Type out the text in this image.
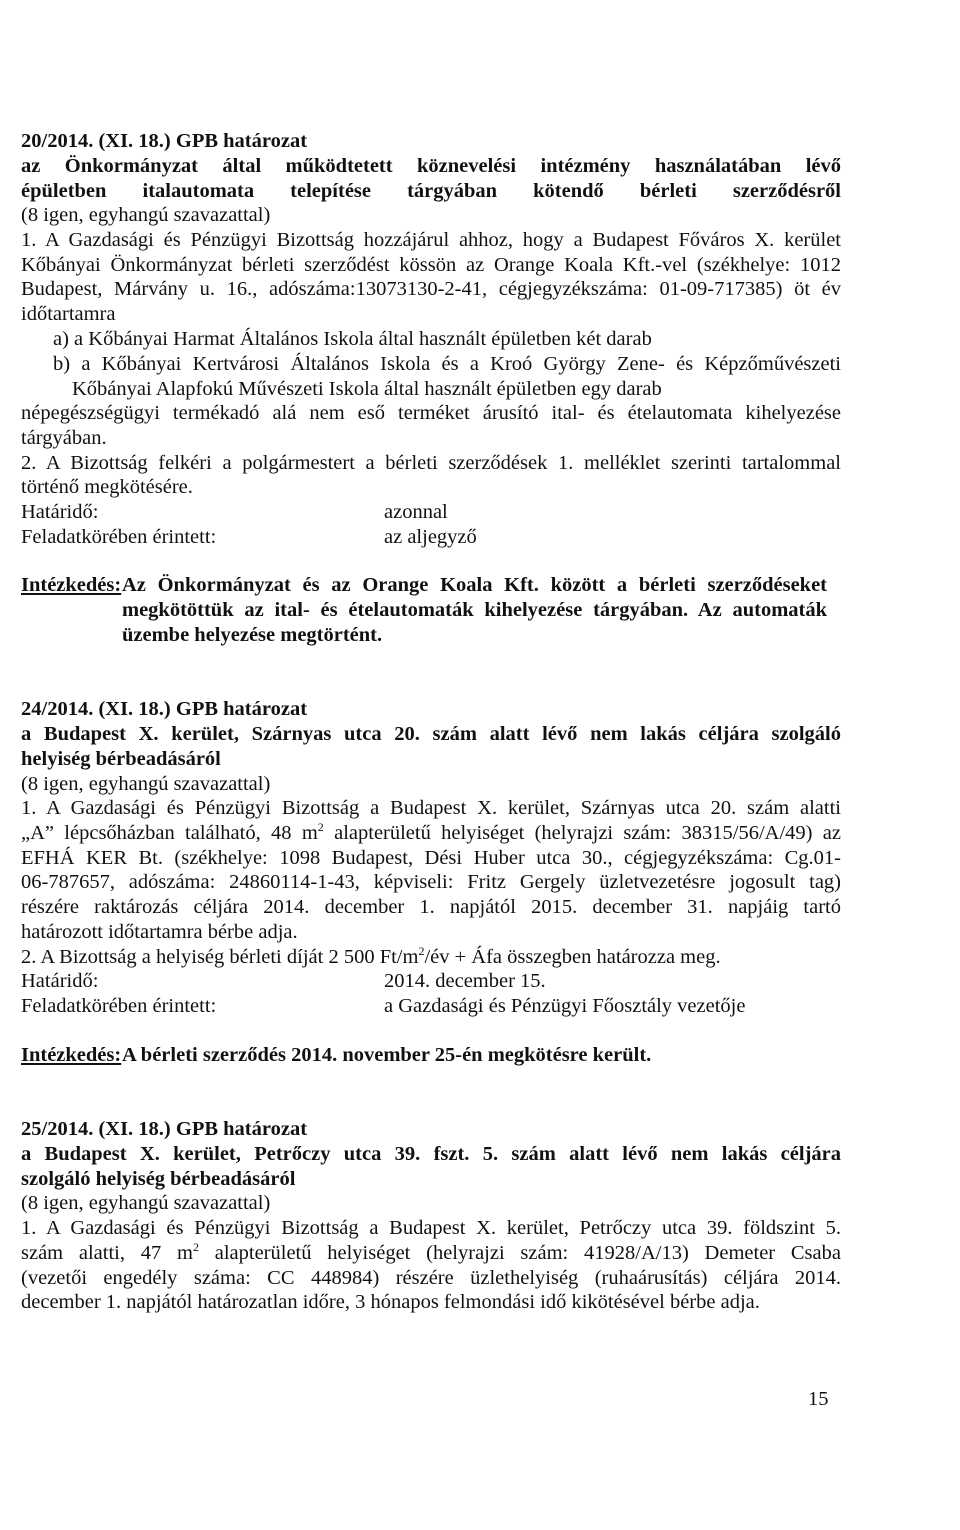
20/2014. (XI. 18.) GPB határozat
az Önkormányzat által működtetett köznevelési intézmény használatában lévő
épületben italautomata telepítése tárgyában kötendő bérleti szerződésről
(8 igen, egyhangú szavazattal)
1. A Gazdasági és Pénzügyi Bizottság hozzájárul ahhoz, hogy a Budapest Főváros X. kerület
Kőbányai Önkormányzat bérleti szerződést kössön az Orange Koala Kft.-vel (székhelye: 1012
Budapest, Márvány u. 16., adószáma:13073130-2-41, cégjegyzékszáma: 01-09-717385) öt év
időtartamra
a) a Kőbányai Harmat Általános Iskola által használt épületben két darab
b) a Kőbányai Kertvárosi Általános Iskola és a Kroó György Zene- és Képzőművészeti
Kőbányai Alapfokú Művészeti Iskola által használt épületben egy darab
népegészségügyi termékadó alá nem eső terméket árusító ital- és ételautomata kihelyezése
tárgyában.
2. A Bizottság felkéri a polgármestert a bérleti szerződések 1. melléklet szerinti tartalommal
történő megkötésére.
Határidő:	azonnal
Feladatkörében érintett:	az aljegyző
Intézkedés: Az Önkormányzat és az Orange Koala Kft. között a bérleti szerződéseket
megkötöttük az ital- és ételautomaták kihelyezése tárgyában. Az automaták
üzembe helyezése megtörtént.
24/2014. (XI. 18.) GPB határozat
a Budapest X. kerület, Szárnyas utca 20. szám alatt lévő nem lakás céljára szolgáló
helyiség bérbeadásáról
(8 igen, egyhangú szavazattal)
1. A Gazdasági és Pénzügyi Bizottság a Budapest X. kerület, Szárnyas utca 20. szám alatti
„A” lépcsőházban található, 48 $m^2$ alapterületű helyiséget (helyrajzi szám: 38315/56/A/49) az
EFHÁ KER Bt. (székhelye: 1098 Budapest, Dési Huber utca 30., cégjegyzékszáma: Cg.01-
06-787657, adószáma: 24860114-1-43, képviseli: Fritz Gergely üzletvezetésre jogosult tag)
részére raktározás céljára 2014. december 1. napjától 2015. december 31. napjáig tartó
határozott időtartamra bérbe adja.
2. A Bizottság a helyiség bérleti díját 2 500 $Ft/m^2/év$ + Áfa összegben határozza meg.
Határidő:	2014. december 15.
Feladatkörében érintett:	a Gazdasági és Pénzügyi Főosztály vezetője
Intézkedés: A bérleti szerződés 2014. november 25-én megkötésre került.
25/2014. (XI. 18.) GPB határozat
a Budapest X. kerület, Petrőczy utca 39. fszt. 5. szám alatt lévő nem lakás céljára
szolgáló helyiség bérbeadásáról
(8 igen, egyhangú szavazattal)
1. A Gazdasági és Pénzügyi Bizottság a Budapest X. kerület, Petrőczy utca 39. földszint 5.
szám alatti, 47 $m^2$ alapterületű helyiséget (helyrajzi szám: 41928/A/13) Demeter Csaba
(vezetői engedély száma: CC 448984) részére üzlethelyiség (ruhaárusítás) céljára 2014.
december 1. napjától határozatlan időre, 3 hónapos felmondási idő kikötésével bérbe adja.
15
